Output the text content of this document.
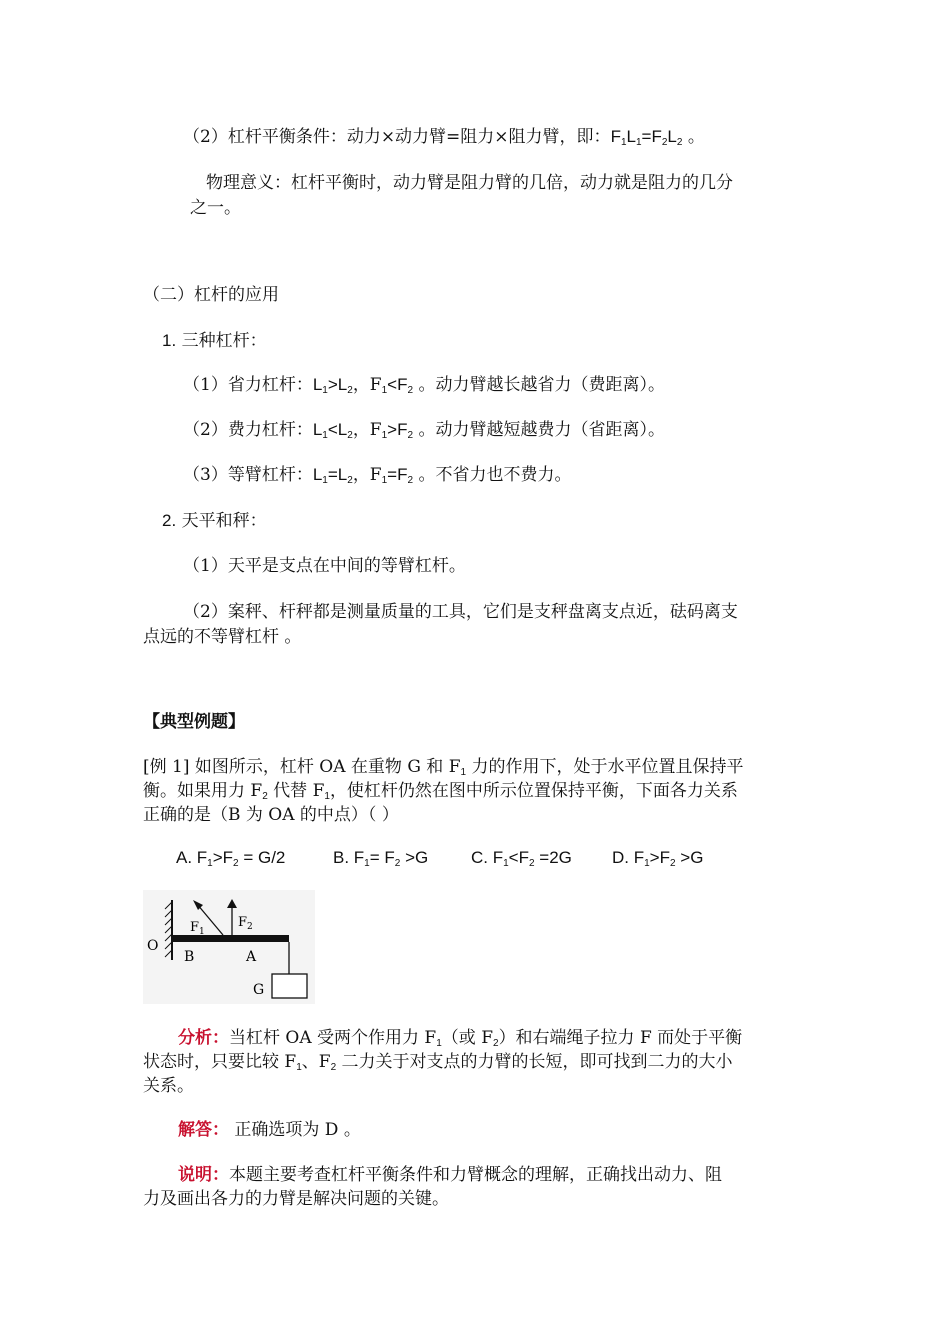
（2）杠杆平衡条件：动力×动力臂=阻力×阻力臂，即：$F_1L_1=F_2L_2$ 。
物理意义：杠杆平衡时，动力臂是阻力臂的几倍，动力就是阻力的几分
之一。
（二）杠杆的应用
1. 三种杠杆：
（1）省力杠杆：$L_1>L_2$，$F_1<F_2$ 。动力臂越长越省力（费距离）。
（2）费力杠杆：$L_1<L_2$，$F_1>F_2$ 。动力臂越短越费力（省距离）。
（3）等臂杠杆：$L_1=L_2$，$F_1=F_2$ 。不省力也不费力。
2. 天平和秤：
（1）天平是支点在中间的等臂杠杆。
（2）案秤、杆秤都是测量质量的工具，它们是支秤盘离支点近，砝码离支
点远的不等臂杠杆 。
【典型例题】
[例 1] 如图所示，杠杆 OA 在重物 G 和 $F_1$ 力的作用下，处于水平位置且保持平
衡。如果用力 $F_2$ 代替 $F_1$，使杠杆仍然在图中所示位置保持平衡，下面各力关系
正确的是（B 为 OA 的中点）（ ）
A. $F_1>F_2 = G/2$	B. $F_1= F_2 >G$	C. $F_1<F_2 =2G$ D. $F_1>F_2 >G$
O
B	A
G
$F_1$
$F_2$
分析：当杠杆 OA 受两个作用力 $F_1$（或 $F_2$）和右端绳子拉力 F 而处于平衡
状态时，只要比较 $F_1$、$F_2$ 二力关于对支点的力臂的长短，即可找到二力的大小
关系。
解答： 正确选项为 D 。
说明：本题主要考查杠杆平衡条件和力臂概念的理解，正确找出动力、阻
力及画出各力的力臂是解决问题的关键。
